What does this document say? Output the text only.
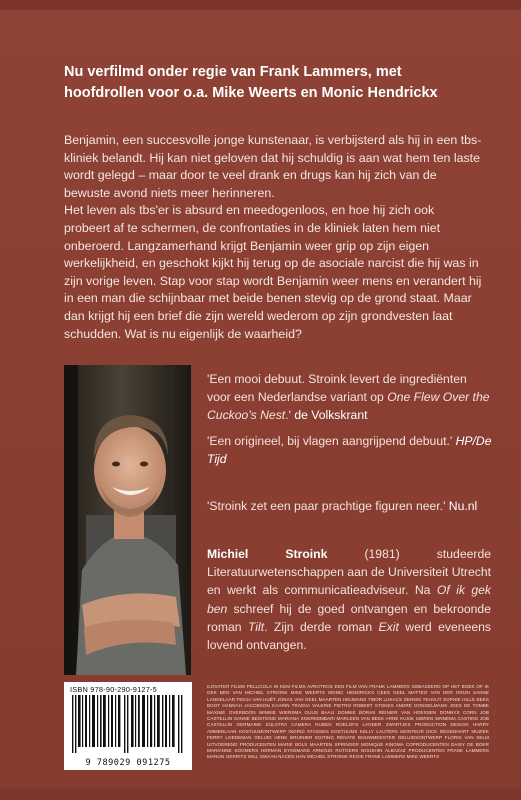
Nu verfilmd onder regie van Frank Lammers, met hoofdrollen voor o.a. Mike Weerts en Monic Hendrickx
Benjamin, een succesvolle jonge kunstenaar, is verbijsterd als hij in een tbs-kliniek belandt. Hij kan niet geloven dat hij schuldig is aan wat hem ten laste wordt gelegd – maar door te veel drank en drugs kan hij zich van de bewuste avond niets meer herinneren.
Het leven als tbs'er is absurd en meedogenloos, en hoe hij zich ook probeert af te schermen, de confrontaties in de kliniek laten hem niet onberoerd. Langzamerhand krijgt Benjamin weer grip op zijn eigen werkelijkheid, en geschokt kijkt hij terug op de asociale narcist die hij was in zijn vorige leven. Stap voor stap wordt Benjamin weer mens en verandert hij in een man die schijnbaar met beide benen stevig op de grond staat. Maar dan krijgt hij een brief die zijn wereld wederom op zijn grondvesten laat schudden. Wat is nu eigenlijk de waarheid?
'Een mooi debuut. Stroink levert de ingrediënten voor een Nederlandse variant op One Flew Over the Cuckoo's Nest.' de Volkskrant
'Een origineel, bij vlagen aangrijpend debuut.' HP/De Tijd
'Stroink zet een paar prachtige figuren neer.' Nu.nl
Michiel Stroink (1981) studeerde Literatuurwetenschappen aan de Universiteit Utrecht en werkt als communicatieadviseur. Na Of ik gek ben schreef hij de goed ontvangen en bekroonde roman Tilt. Zijn derde roman Exit werd eveneens lovend ontvangen.
ISBN 978-90-290-9127-5
9 789029 091275
ILOVATER FILMS PELLICOLA IN KEM FILMS AVROTROS EEN FILM VAN FRANK LAMMERS GEBASEERD OP HET BOEK OF IK GEK BEN VAN MICHIEL STROINK MIKE WEERTS MONIC HENDRICKX CEES GEEL MATTEO VAN DER GRIJN SANNE LANGELAAR FEDJA VAN HUÊT JONAS VAN GEEL MAARTEN HEIJMANS TIBOR LUKACS DENNIS TEHVIJT SOPHIE HILLE BEES BOOT HANNAH JACOBSON KAARIN TRAIDIA VALERIE PIETRO ROBERT STOKES ANDRE DONGELMANS JOES DE TOMBE MAXIME OVERBOON WINNIE WIERSMA GUUS BAAIJ DONNIE BORAS REINIER VAN HOESSEN DONNYS CORN JOB CASTELIJN SANNE BEISTEIND MARIANA SOERKEMBARI MARLEEN VAN BEEK ARNE KUSIK SIBREN SINNEMA CASTING JOB CASTELIJN GERMAINE ZIJLSTRA CAMERA RUBEN ROELOFS LANDER ZWARTJES PRODUCTION DESIGN HARRY AMMERLAAN KOSTUUMONTWERP INGRID STASSEN KOSTUUMS KELLY LAUTERS MONTEUR DICK DEGENHART MUZIEK FERRY LOEDEMAN GELUID HENK BRUINIER EDITING RENATE BOUWMEESTER GELUIDSONTWERP FLORIS VAN SELM UITVOEREND PRODUCENTEN MARIE BOLS MAARTEN SPRINGER MONIQUE KINGMA COPRODUCENTEN DAISY DE BOER MARIANNE SOOMERS HERMAN EYKEMANS ARNOUD RUTGERS NOUSHIN ALBAZAZ PRODUCENTEN FRANK LAMMERS MARIJN GERRITS WILL SWAAN NACEN HAN MICHIEL STROINK REGIE FRANK LAMMERS MIKE WEERTS
